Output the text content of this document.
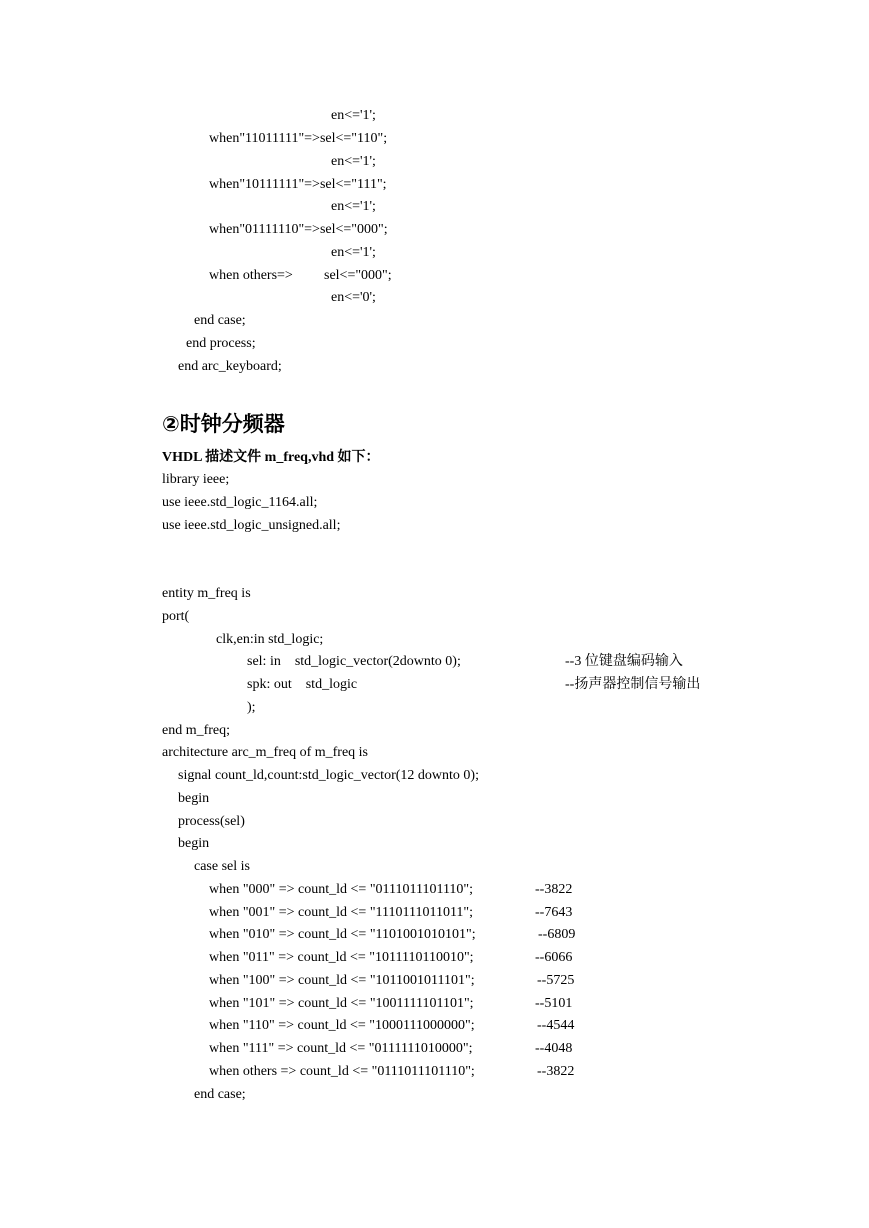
en<='1';
when"11011111"=>sel<="110";
en<='1';
when"10111111"=>sel<="111";
en<='1';
when"01111110"=>sel<="000";
en<='1';
when others=> sel<="000";
en<='0';
end case;
end process;
end arc_keyboard;
②时钟分频器
VHDL 描述文件 m_freq,vhd 如下：
library ieee;
use ieee.std_logic_1164.all;
use ieee.std_logic_unsigned.all;
entity m_freq is
port(
clk,en:in std_logic;
sel: in    std_logic_vector(2downto 0);	--3 位键盘编码输入
spk: out    std_logic	--扬声器控制信号输出
);
end m_freq;
architecture arc_m_freq of m_freq is
signal count_ld,count:std_logic_vector(12 downto 0);
begin
process(sel)
begin
case sel is
when "000" => count_ld <= "0111011101110";	--3822
when "001" => count_ld <= "1110111011011";	--7643
when "010" => count_ld <= "1101001010101";	--6809
when "011" => count_ld <= "1011110110010";	--6066
when "100" => count_ld <= "1011001011101";	--5725
when "101" => count_ld <= "1001111101101";	--5101
when "110" => count_ld <= "1000111000000";	--4544
when "111" => count_ld <= "0111111010000";	--4048
when others => count_ld <= "0111011101110";	--3822
end case;
